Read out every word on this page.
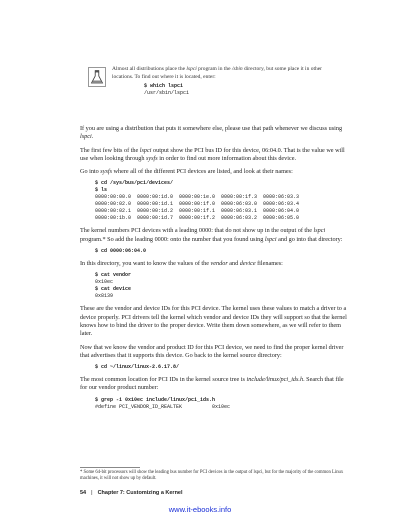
Almost all distributions place the lspci program in the /sbin directory, but some place it in other locations. To find out where it is located, enter:
$ which lspci
/usr/sbin/lspci

If you are using a distribution that puts it somewhere else, please use that path whenever we discuss using lspci.

The first few bits of the lspci output show the PCI bus ID for this device, 06:04.0. That is the value we will use when looking through sysfs in order to find out more information about this device.

Go into sysfs where all of the different PCI devices are listed, and look at their names:

$ cd /sys/bus/pci/devices/
$ ls
0000:00:00.0  0000:00:1d.0  0000:00:1e.0  0000:00:1f.3  0000:06:03.3
0000:00:02.0  0000:00:1d.1  0000:00:1f.0  0000:06:03.0  0000:06:03.4
0000:00:02.1  0000:00:1d.2  0000:00:1f.1  0000:06:03.1  0000:06:04.0
0000:00:1b.0  0000:00:1d.7  0000:00:1f.2  0000:06:03.2  0000:06:05.0

The kernel numbers PCI devices with a leading 0000: that do not show up in the output of the lspci program.* So add the leading 0000: onto the number that you found using lspci and go into that directory:

$ cd 0000:06:04.0

In this directory, you want to know the values of the vendor and device filenames:

$ cat vendor
0x10ec
$ cat device
0x8139

These are the vendor and device IDs for this PCI device. The kernel uses these values to match a driver to a device properly. PCI drivers tell the kernel which vendor and device IDs they will support so that the kernel knows how to bind the driver to the proper device. Write them down somewhere, as we will refer to them later.

Now that we know the vendor and product ID for this PCI device, we need to find the proper kernel driver that advertises that it supports this device. Go back to the kernel source directory:

$ cd ~/linux/linux-2.6.17.8/

The most common location for PCI IDs in the kernel source tree is include/linux/pci_ids.h. Search that file for our vendor product number:

$ grep -i 0x10ec include/linux/pci_ids.h
#define PCI_VENDOR_ID_REALTEK          0x10ec
* Some 64-bit processors will show the leading bus number for PCI devices in the output of lspci, but for the majority of the common Linux machines, it will not show up by default.
54 | Chapter 7: Customizing a Kernel
www.it-ebooks.info
